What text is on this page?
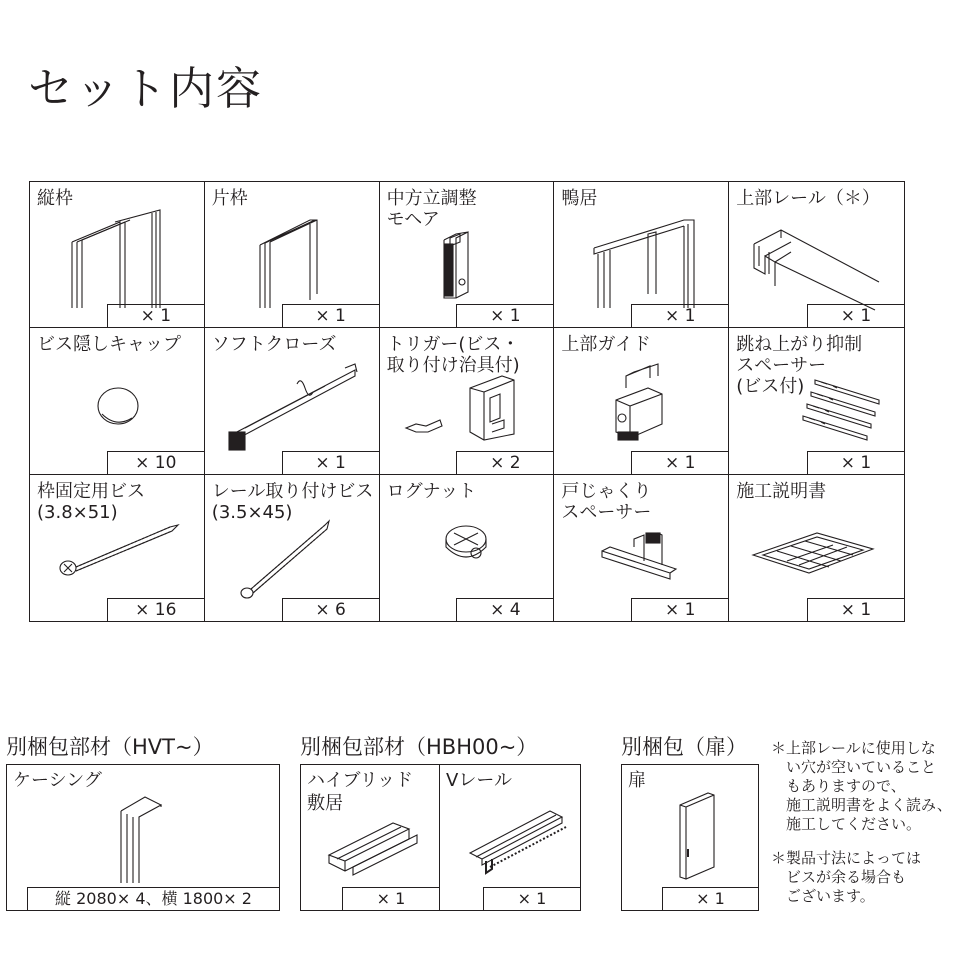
セット内容
縦枠
× 1
片枠
× 1
中方立調整
モヘア
× 1
鴨居
× 1
上部レール（＊）
× 1
ビス隠しキャップ
× 10
ソフトクローズ
× 1
トリガー(ビス・
取り付け治具付)
× 2
上部ガイド
× 1
跳ね上がり抑制
スペーサー
(ビス付)
× 1
枠固定用ビス
(3.8×51)
× 16
レール取り付けビス
(3.5×45)
× 6
ログナット
× 4
戸じゃくり
スペーサー
× 1
施工説明書
× 1
別梱包部材（HVT~）
ケーシング
縦 2080× 4、横 1800× 2
別梱包部材（HBH00~）
ハイブリッド
敷居
× 1
Vレール
× 1
別梱包（扉）
扉
× 1
＊上部レールに使用しな
　い穴が空いていること
　もありますので、
　施工説明書をよく読み、
　施工してください。
＊製品寸法によっては
　ビスが余る場合も
　ございます。
